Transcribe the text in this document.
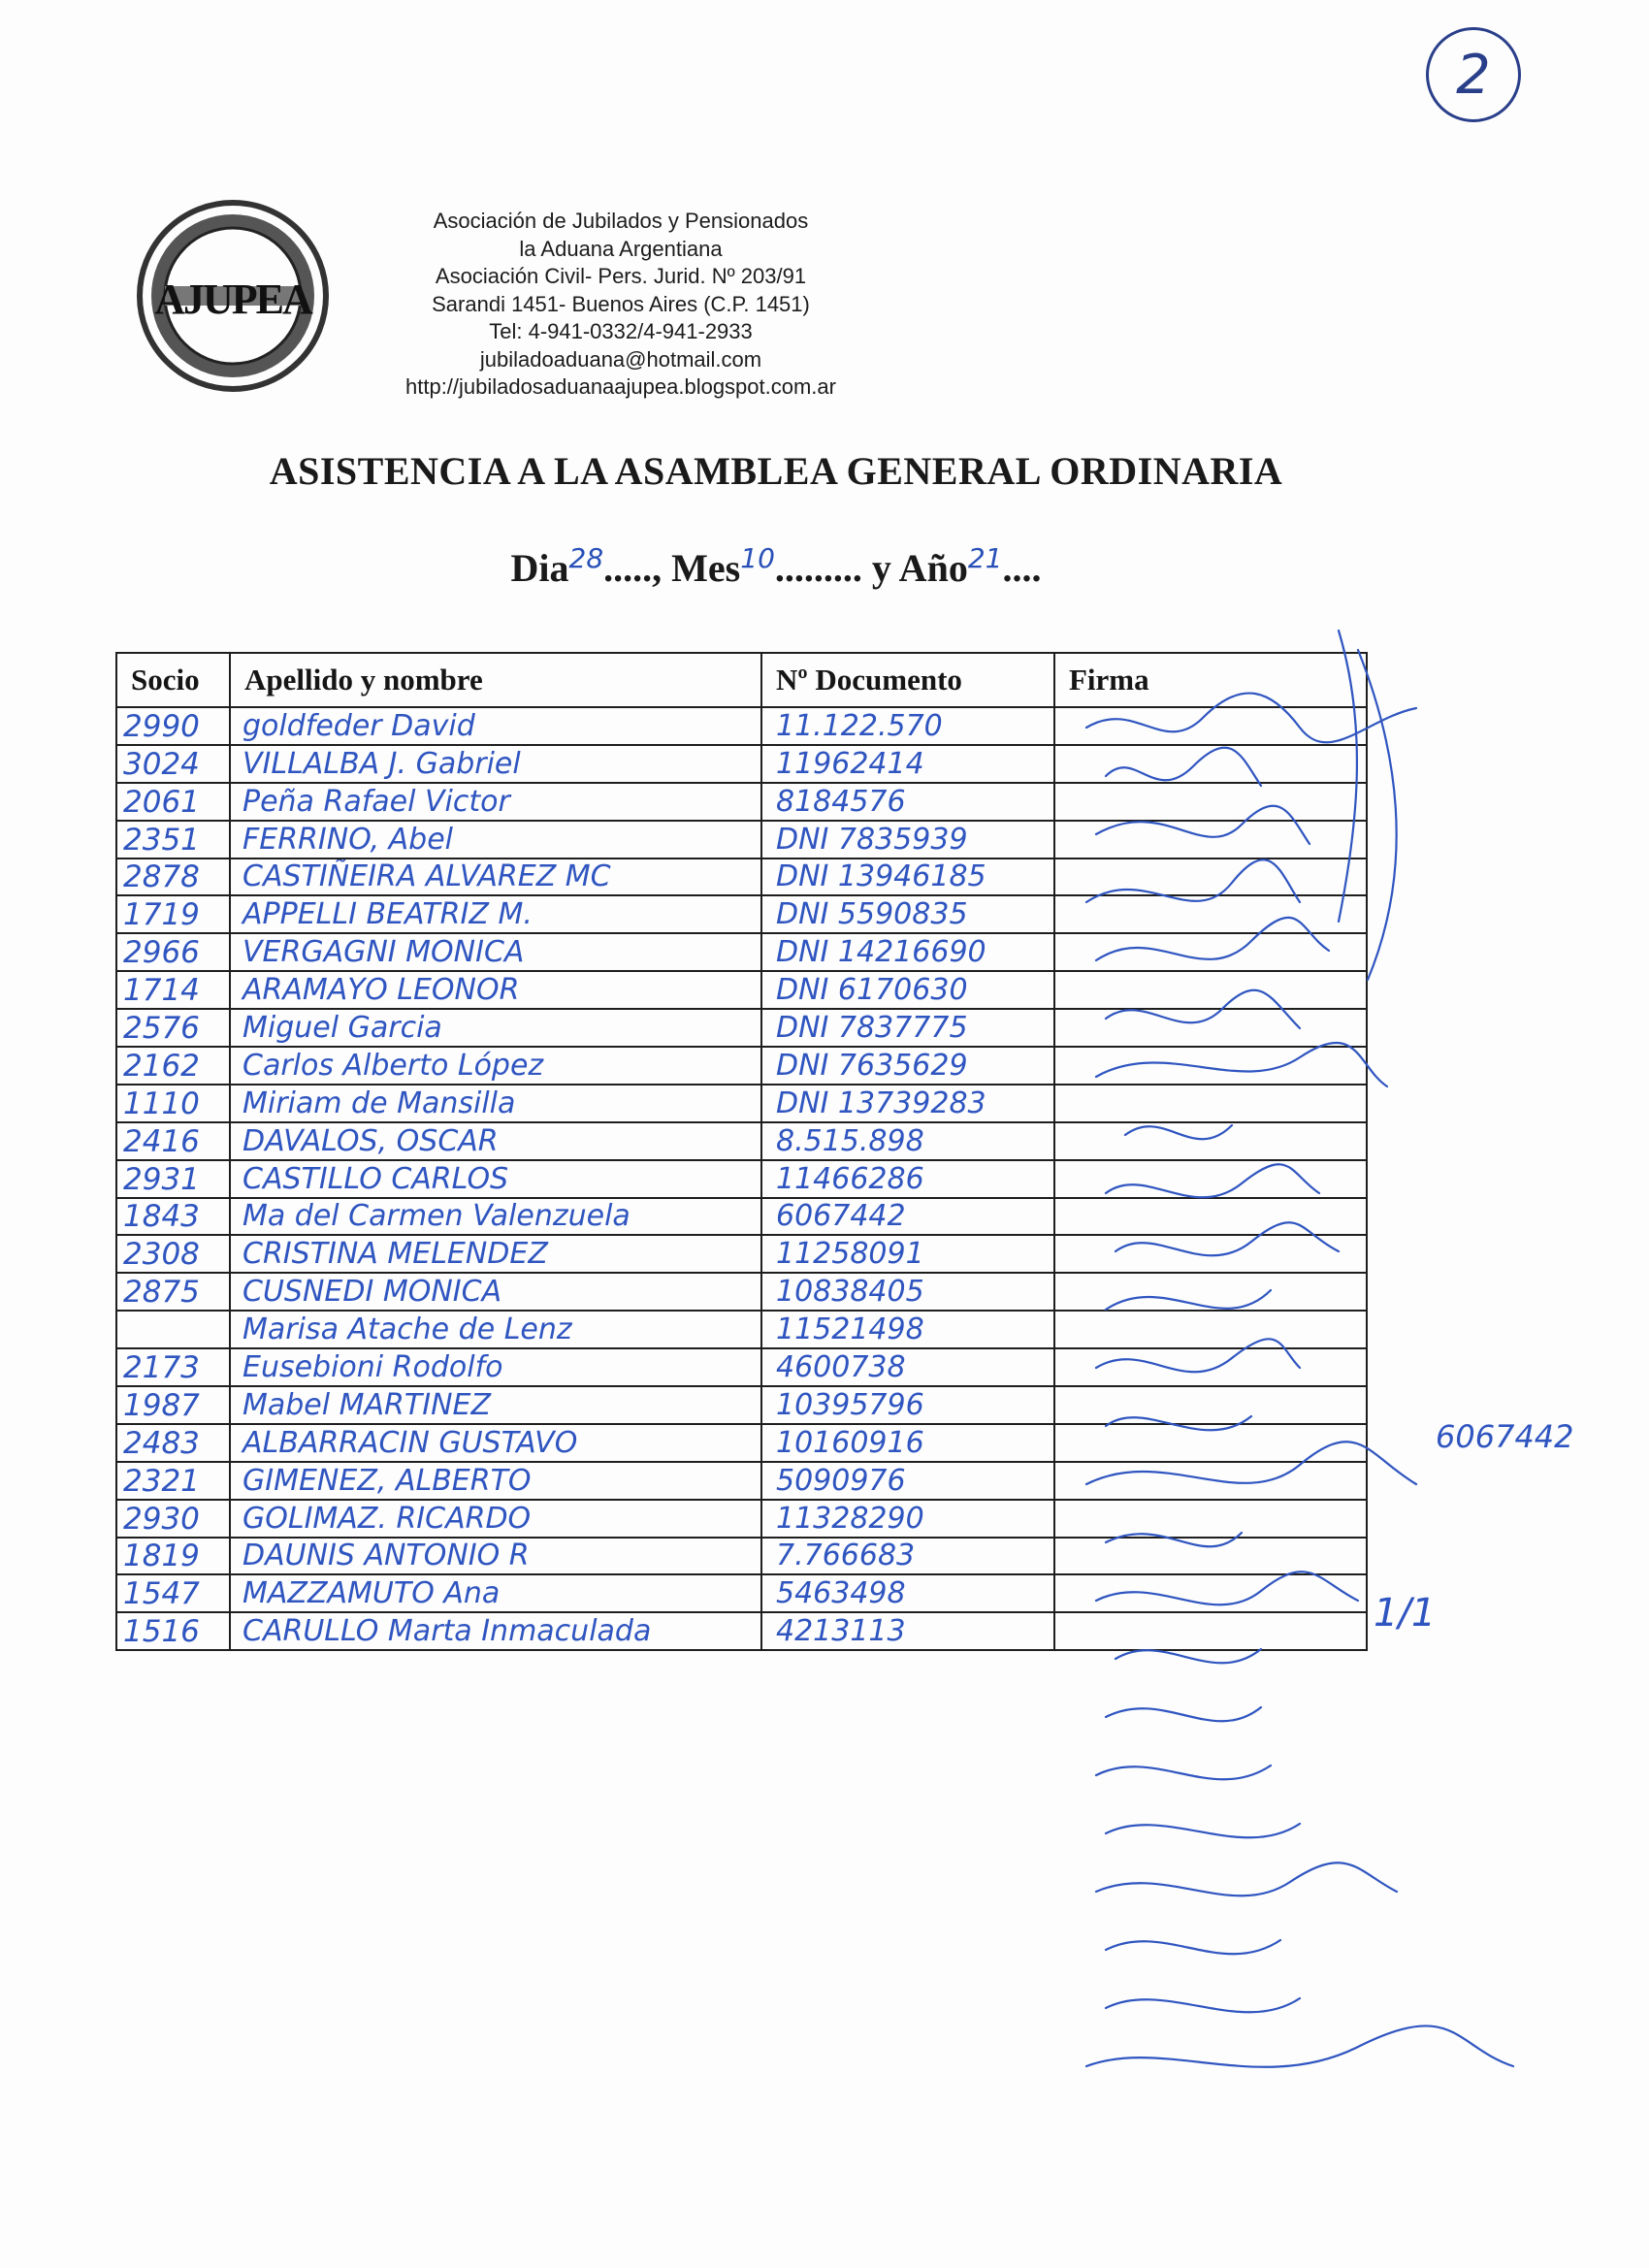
2
AJUPEA
Asociación de Jubilados y Pensionados
la Aduana Argentiana
Asociación Civil- Pers. Jurid. Nº 203/91
Sarandi 1451- Buenos Aires (C.P. 1451)
Tel: 4-941-0332/4-941-2933
jubiladoaduana@hotmail.com
http://jubiladosaduanaajupea.blogspot.com.ar
ASISTENCIA A LA ASAMBLEA GENERAL ORDINARIA
Dia$^{28}$....., Mes$^{10}$......... y Año$^{21}$....
Socio	Apellido y nombre	Nº Documento	Firma
2990	goldfeder David	11.122.570	
3024	VILLALBA J. Gabriel	11962414	
2061	Peña Rafael Victor	8184576	
2351	FERRINO, Abel	DNI 7835939	
2878	CASTIÑEIRA ALVAREZ MC	DNI 13946185	
1719	APPELLI BEATRIZ M.	DNI 5590835	
2966	VERGAGNI MONICA	DNI 14216690	
1714	ARAMAYO LEONOR	DNI 6170630	
2576	Miguel Garcia	DNI 7837775	
2162	Carlos Alberto López	DNI 7635629	
1110	Miriam de Mansilla	DNI 13739283	
2416	DAVALOS, OSCAR	8.515.898	
2931	CASTILLO CARLOS	11466286	
1843	Ma del Carmen Valenzuela	6067442	
2308	CRISTINA MELENDEZ	11258091	
2875	CUSNEDI MONICA	10838405	
	Marisa Atache de Lenz	11521498	
2173	Eusebioni Rodolfo	4600738	
1987	Mabel MARTINEZ	10395796	
2483	ALBARRACIN GUSTAVO	10160916	
2321	GIMENEZ, ALBERTO	5090976	
2930	GOLIMAZ. RICARDO	11328290	
1819	DAUNIS ANTONIO R	7.766683	
1547	MAZZAMUTO Ana	5463498	
1516	CARULLO Marta Inmaculada	4213113	
6067442
1/1
